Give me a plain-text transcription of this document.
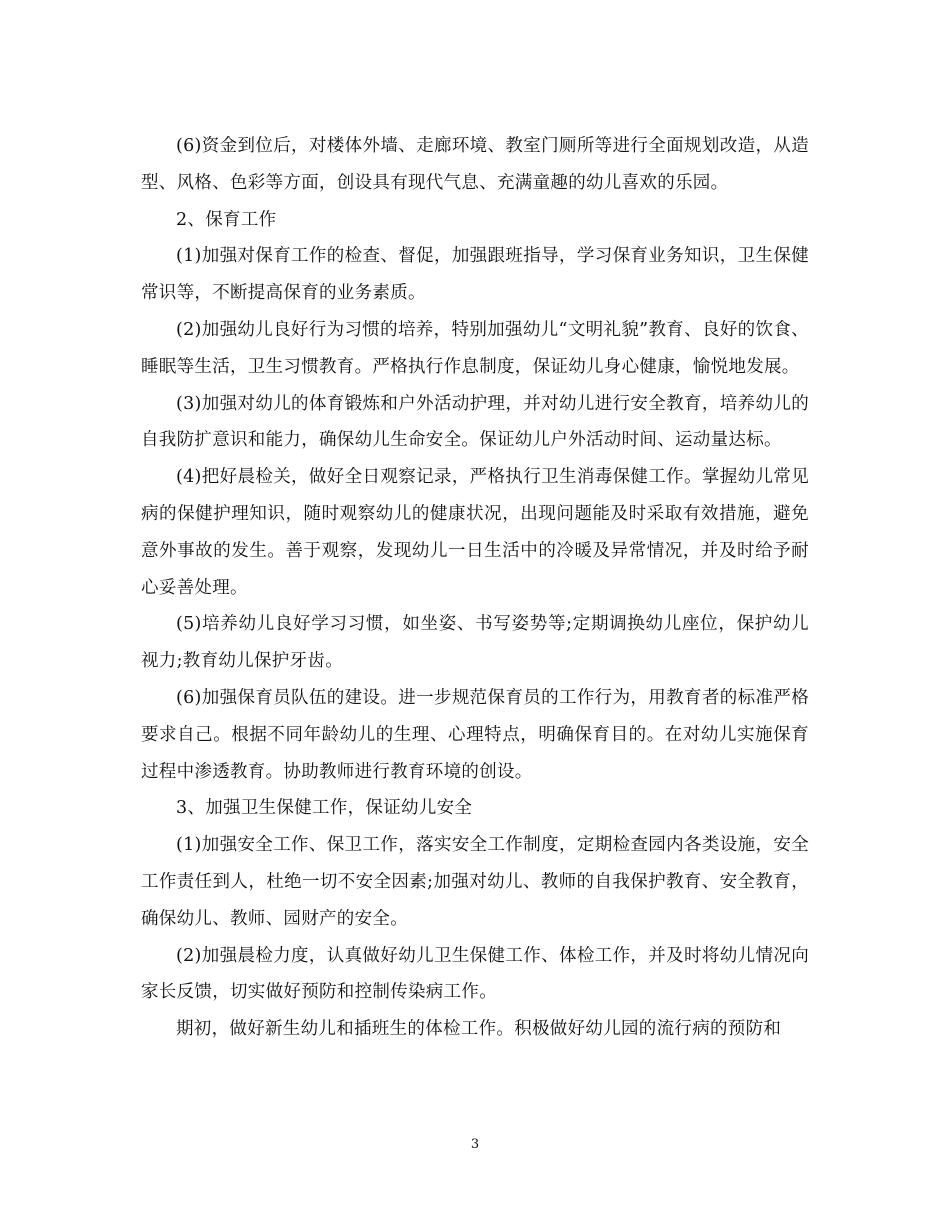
(6)资金到位后，对楼体外墙、走廊环境、教室门厕所等进行全面规划改造，从造型、风格、色彩等方面，创设具有现代气息、充满童趣的幼儿喜欢的乐园。

2、保育工作

(1)加强对保育工作的检查、督促，加强跟班指导，学习保育业务知识，卫生保健常识等，不断提高保育的业务素质。

(2)加强幼儿良好行为习惯的培养，特别加强幼儿“文明礼貌”教育、良好的饮食、睡眠等生活，卫生习惯教育。严格执行作息制度，保证幼儿身心健康，愉悦地发展。

(3)加强对幼儿的体育锻炼和户外活动护理，并对幼儿进行安全教育，培养幼儿的自我防扩意识和能力，确保幼儿生命安全。保证幼儿户外活动时间、运动量达标。

(4)把好晨检关，做好全日观察记录，严格执行卫生消毒保健工作。掌握幼儿常见病的保健护理知识，随时观察幼儿的健康状况，出现问题能及时采取有效措施，避免意外事故的发生。善于观察，发现幼儿一日生活中的冷暖及异常情况，并及时给予耐心妥善处理。

(5)培养幼儿良好学习习惯，如坐姿、书写姿势等;定期调换幼儿座位，保护幼儿视力;教育幼儿保护牙齿。

(6)加强保育员队伍的建设。进一步规范保育员的工作行为，用教育者的标准严格要求自己。根据不同年龄幼儿的生理、心理特点，明确保育目的。在对幼儿实施保育过程中渗透教育。协助教师进行教育环境的创设。

3、加强卫生保健工作，保证幼儿安全

(1)加强安全工作、保卫工作，落实安全工作制度，定期检查园内各类设施，安全工作责任到人，杜绝一切不安全因素;加强对幼儿、教师的自我保护教育、安全教育，确保幼儿、教师、园财产的安全。

(2)加强晨检力度，认真做好幼儿卫生保健工作、体检工作，并及时将幼儿情况向家长反馈，切实做好预防和控制传染病工作。

期初，做好新生幼儿和插班生的体检工作。积极做好幼儿园的流行病的预防和

3
